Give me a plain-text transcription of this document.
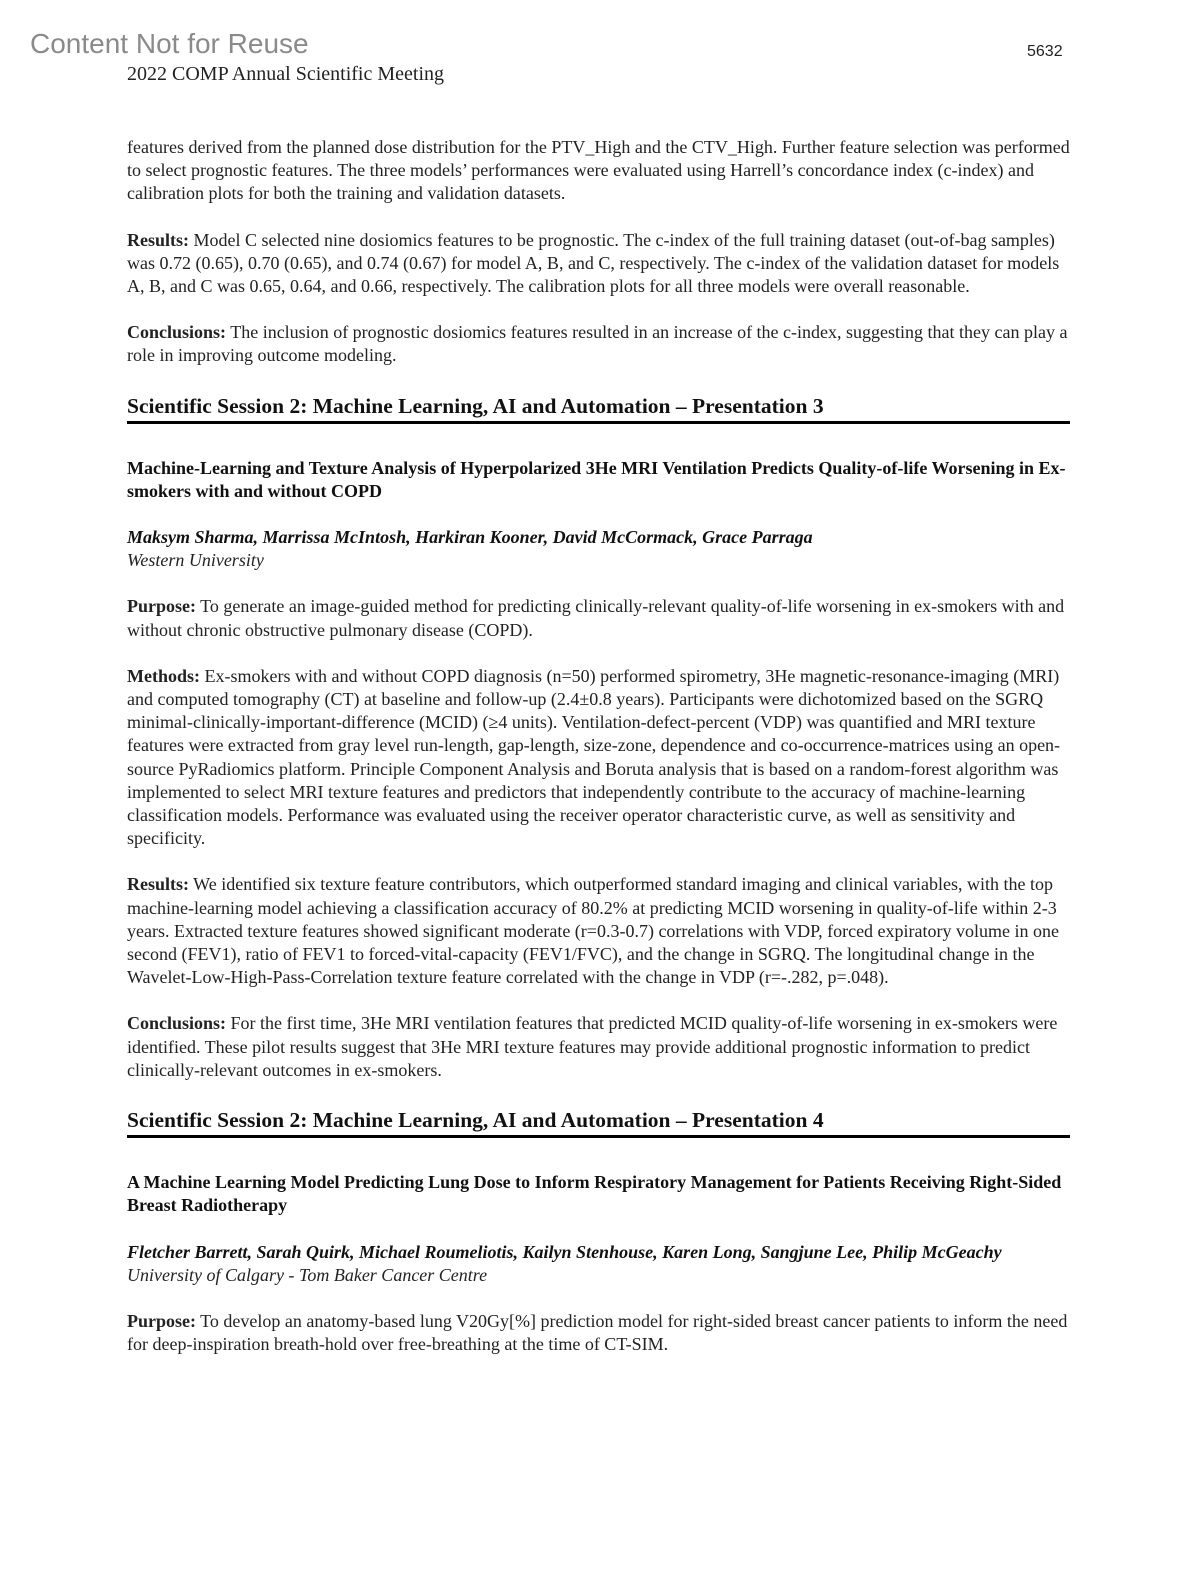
Content Not for Reuse	5632
2022 COMP Annual Scientific Meeting

features derived from the planned dose distribution for the PTV_High and the CTV_High. Further feature selection was performed to select prognostic features. The three models’ performances were evaluated using Harrell’s concordance index (c-index) and calibration plots for both the training and validation datasets.

Results: Model C selected nine dosiomics features to be prognostic. The c-index of the full training dataset (out-of-bag samples) was 0.72 (0.65), 0.70 (0.65), and 0.74 (0.67) for model A, B, and C, respectively. The c-index of the validation dataset for models A, B, and C was 0.65, 0.64, and 0.66, respectively. The calibration plots for all three models were overall reasonable.

Conclusions: The inclusion of prognostic dosiomics features resulted in an increase of the c-index, suggesting that they can play a role in improving outcome modeling.

Scientific Session 2: Machine Learning, AI and Automation – Presentation 3

Machine-Learning and Texture Analysis of Hyperpolarized 3He MRI Ventilation Predicts Quality-of-life Worsening in Ex-smokers with and without COPD

Maksym Sharma, Marrissa McIntosh, Harkiran Kooner, David McCormack, Grace Parraga

Western University

Purpose: To generate an image-guided method for predicting clinically-relevant quality-of-life worsening in ex-smokers with and without chronic obstructive pulmonary disease (COPD).

Methods: Ex-smokers with and without COPD diagnosis (n=50) performed spirometry, 3He magnetic-resonance-imaging (MRI) and computed tomography (CT) at baseline and follow-up (2.4±0.8 years). Participants were dichotomized based on the SGRQ minimal-clinically-important-difference (MCID) (≥4 units). Ventilation-defect-percent (VDP) was quantified and MRI texture features were extracted from gray level run-length, gap-length, size-zone, dependence and co-occurrence-matrices using an open-source PyRadiomics platform. Principle Component Analysis and Boruta analysis that is based on a random-forest algorithm was implemented to select MRI texture features and predictors that independently contribute to the accuracy of machine-learning classification models. Performance was evaluated using the receiver operator characteristic curve, as well as sensitivity and specificity.

Results: We identified six texture feature contributors, which outperformed standard imaging and clinical variables, with the top machine-learning model achieving a classification accuracy of 80.2% at predicting MCID worsening in quality-of-life within 2-3 years. Extracted texture features showed significant moderate (r=0.3-0.7) correlations with VDP, forced expiratory volume in one second (FEV1), ratio of FEV1 to forced-vital-capacity (FEV1/FVC), and the change in SGRQ. The longitudinal change in the Wavelet-Low-High-Pass-Correlation texture feature correlated with the change in VDP (r=-.282, p=.048).

Conclusions: For the first time, 3He MRI ventilation features that predicted MCID quality-of-life worsening in ex-smokers were identified. These pilot results suggest that 3He MRI texture features may provide additional prognostic information to predict clinically-relevant outcomes in ex-smokers.

Scientific Session 2: Machine Learning, AI and Automation – Presentation 4

A Machine Learning Model Predicting Lung Dose to Inform Respiratory Management for Patients Receiving Right-Sided Breast Radiotherapy

Fletcher Barrett, Sarah Quirk, Michael Roumeliotis, Kailyn Stenhouse, Karen Long, Sangjune Lee, Philip McGeachy

University of Calgary - Tom Baker Cancer Centre

Purpose: To develop an anatomy-based lung V20Gy[%] prediction model for right-sided breast cancer patients to inform the need for deep-inspiration breath-hold over free-breathing at the time of CT-SIM.
